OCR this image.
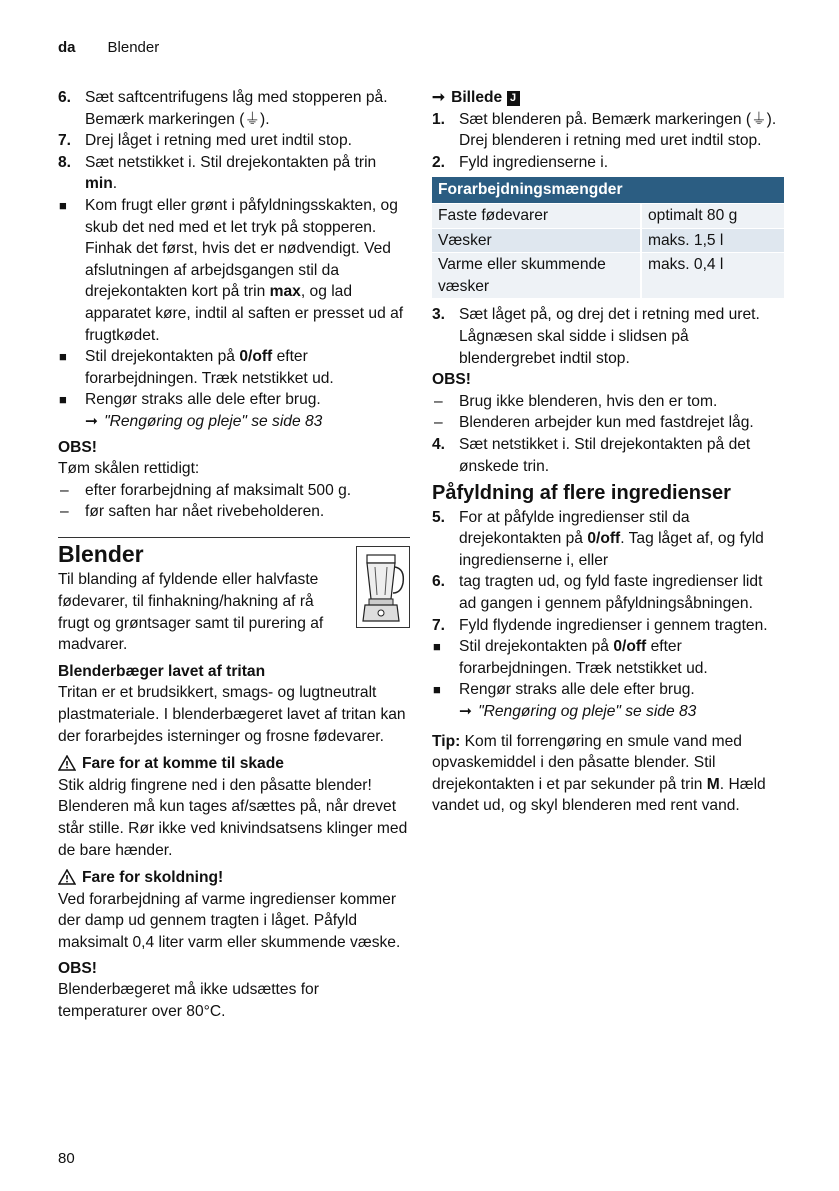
da Blender
6. Sæt saftcentrifugens låg med stopperen på. Bemærk markeringen (⏚).
7. Drej låget i retning med uret indtil stop.
8. Sæt netstikket i. Stil drejekontakten på trin min.
■ Kom frugt eller grønt i påfyldningsskakten, og skub det ned med et let tryk på stopperen. Finhak det først, hvis det er nødvendigt. Ved afslutningen af arbejdsgangen stil da drejekontakten kort på trin max, og lad apparatet køre, indtil al saften er presset ud af frugtkødet.
■ Stil drejekontakten på 0/off efter forarbejdningen. Træk netstikket ud.
■ Rengør straks alle dele efter brug.
➞ "Rengøring og pleje" se side 83
OBS!
Tøm skålen rettidigt:
– efter forarbejdning af maksimalt 500 g.
– før saften har nået rivebeholderen.
Blender
Til blanding af fyldende eller halvfaste fødevarer, til finhakning/hakning af rå frugt og grøntsager samt til purering af madvarer.
Blenderbæger lavet af tritan
Tritan er et brudsikkert, smags- og lugtneutralt plastmateriale. I blenderbægeret lavet af tritan kan der forarbejdes isterninger og frosne fødevarer.
Fare for at komme til skade
Stik aldrig fingrene ned i den påsatte blender! Blenderen må kun tages af/sættes på, når drevet står stille. Rør ikke ved knivindsatsens klinger med de bare hænder.
Fare for skoldning!
Ved forarbejdning af varme ingredienser kommer der damp ud gennem tragten i låget. Påfyld maksimalt 0,4 liter varm eller skummende væske.
OBS!
Blenderbægeret må ikke udsættes for temperaturer over 80°C.
➞ Billede J
1. Sæt blenderen på. Bemærk markeringen (⏚). Drej blenderen i retning med uret indtil stop.
2. Fyld ingredienserne i.
Forarbejdningsmængder	
Faste fødevarer	optimalt 80 g
Væsker	maks. 1,5 l
Varme eller skummende væsker	maks. 0,4 l
3. Sæt låget på, og drej det i retning med uret. Lågnæsen skal sidde i slidsen på blendergrebet indtil stop.
OBS!
– Brug ikke blenderen, hvis den er tom.
– Blenderen arbejder kun med fastdrejet låg.
4. Sæt netstikket i. Stil drejekontakten på det ønskede trin.
Påfyldning af flere ingredienser
5. For at påfylde ingredienser stil da drejekontakten på 0/off. Tag låget af, og fyld ingredienserne i, eller
6. tag tragten ud, og fyld faste ingredienser lidt ad gangen i gennem påfyldningsåbningen.
7. Fyld flydende ingredienser i gennem tragten.
■ Stil drejekontakten på 0/off efter forarbejdningen. Træk netstikket ud.
■ Rengør straks alle dele efter brug.
➞ "Rengøring og pleje" se side 83
Tip: Kom til forrengøring en smule vand med opvaskemiddel i den påsatte blender. Stil drejekontakten i et par sekunder på trin M. Hæld vandet ud, og skyl blenderen med rent vand.
80
